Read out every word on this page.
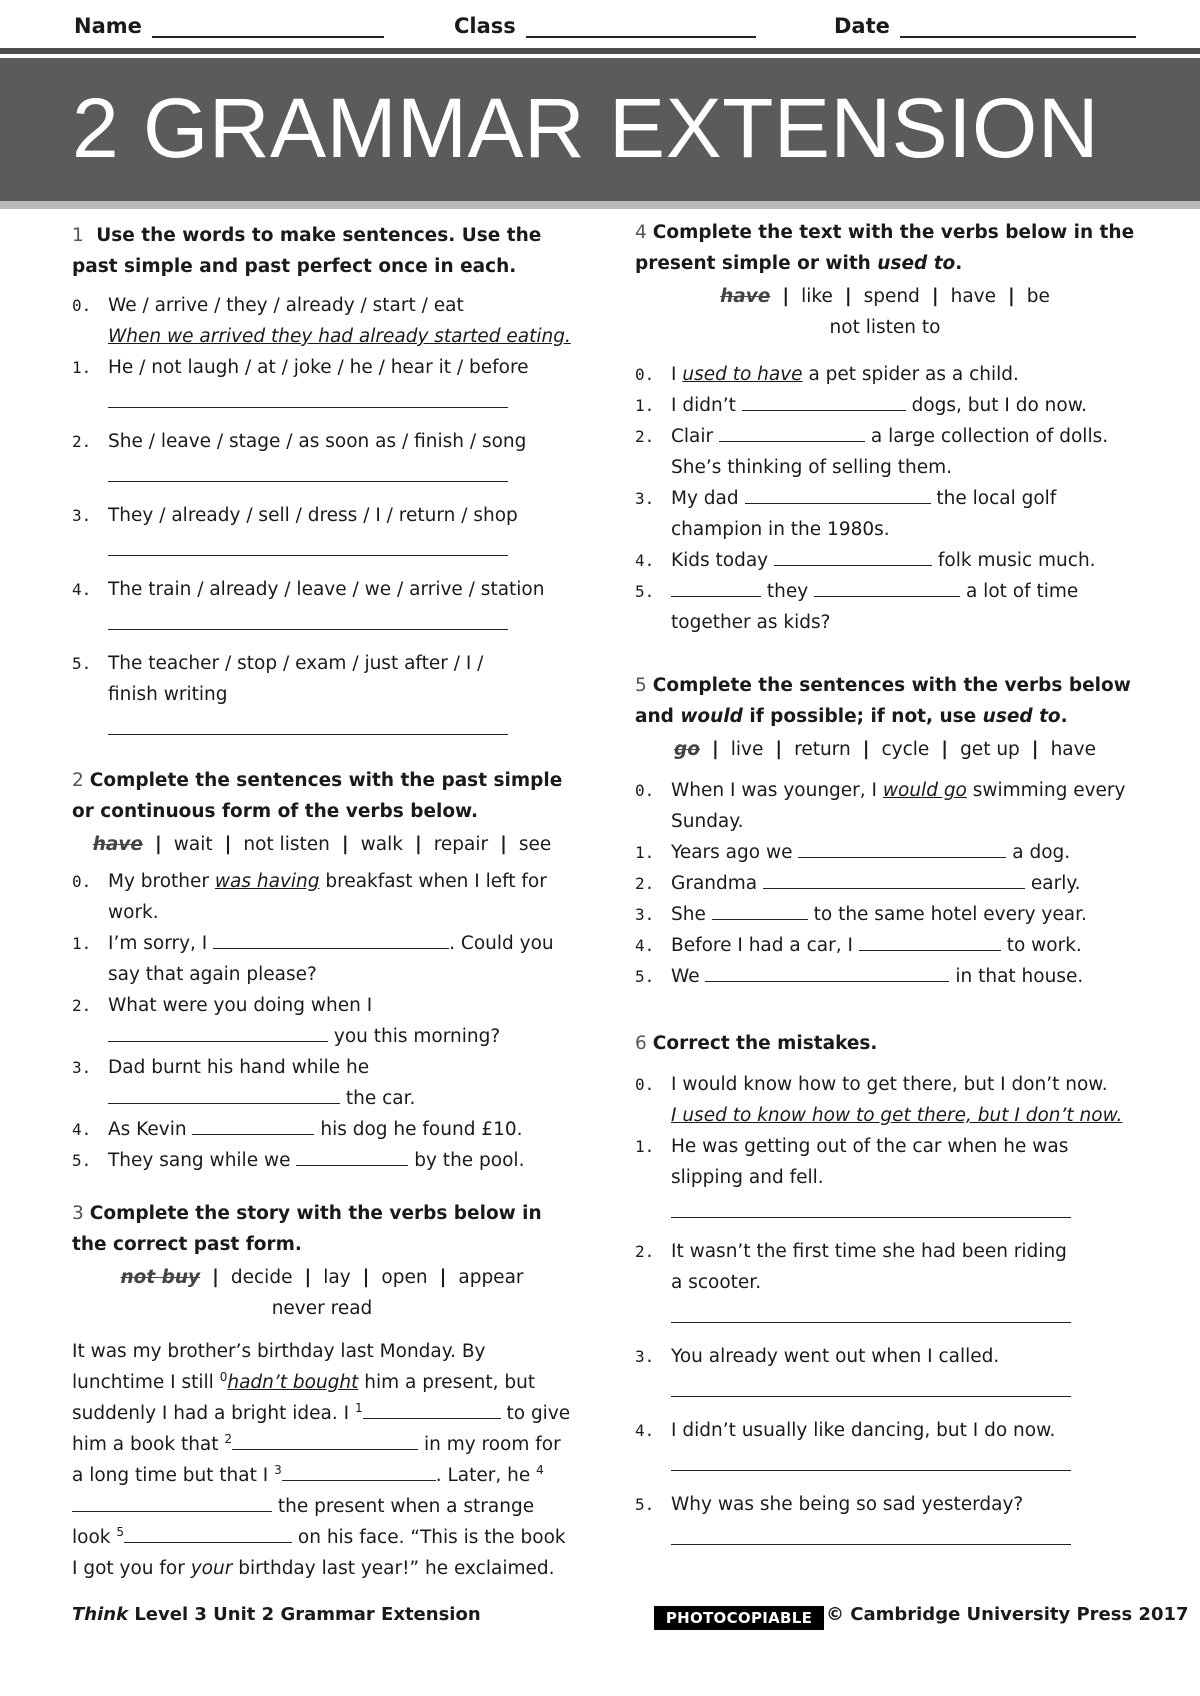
Name	Class	Date
2 GRAMMAR EXTENSION

1 Use the words to make sentences. Use the past simple and past perfect once in each.

0. We / arrive / they / already / start / eat
When we arrived they had already started eating.
1. He / not laugh / at / joke / he / hear it / before
2. She / leave / stage / as soon as / finish / song
3. They / already / sell / dress / I / return / shop
4. The train / already / leave / we / arrive / station
5. The teacher / stop / exam / just after / I / finish writing

2 Complete the sentences with the past simple or continuous form of the verbs below.

have | wait | not listen | walk | repair | see
0. My brother was having breakfast when I left for work.
1. I’m sorry, I	. Could you say that again please?
2. What were you doing when I
you this morning?
3. Dad burnt his hand while he
the car.
4. As Kevin	his dog he found £10.
5. They sang while we	by the pool.

3 Complete the story with the verbs below in the correct past form.

not buy | decide | lay | open | appear
never read
It was my brother’s birthday last Monday. By lunchtime I still $^0$hadn’t bought him a present, but suddenly I had a bright idea. I $^1$	to give him a book that $^2$	in my room for a long time but that I $^3$	. Later, he $^4$ the present when a strange look $^5$	on his face. “This is the book I got you for your birthday last year!” he exclaimed.

4 Complete the text with the verbs below in the present simple or with used to.

have | like | spend | have | be
not listen to
0. I used to have a pet spider as a child.
1. I didn’t	dogs, but I do now.
2. Clair	a large collection of dolls. She’s thinking of selling them.
3. My dad	the local golf champion in the 1980s.
4. Kids today	folk music much.
5.	they	a lot of time together as kids?

5 Complete the sentences with the verbs below and would if possible; if not, use used to.

go | live | return | cycle | get up | have
0. When I was younger, I would go swimming every Sunday.
1. Years ago we	a dog.
2. Grandma	early.
3. She	to the same hotel every year.
4. Before I had a car, I	to work.
5. We	in that house.

6 Correct the mistakes.

0. I would know how to get there, but I don’t now.
I used to know how to get there, but I don’t now.
1. He was getting out of the car when he was slipping and fell.
2. It wasn’t the first time she had been riding a scooter.
3. You already went out when I called.
4. I didn’t usually like dancing, but I do now.
5. Why was she being so sad yesterday?
Think Level 3 Unit 2 Grammar Extension	PHOTOCOPIABLE © Cambridge University Press 2017
